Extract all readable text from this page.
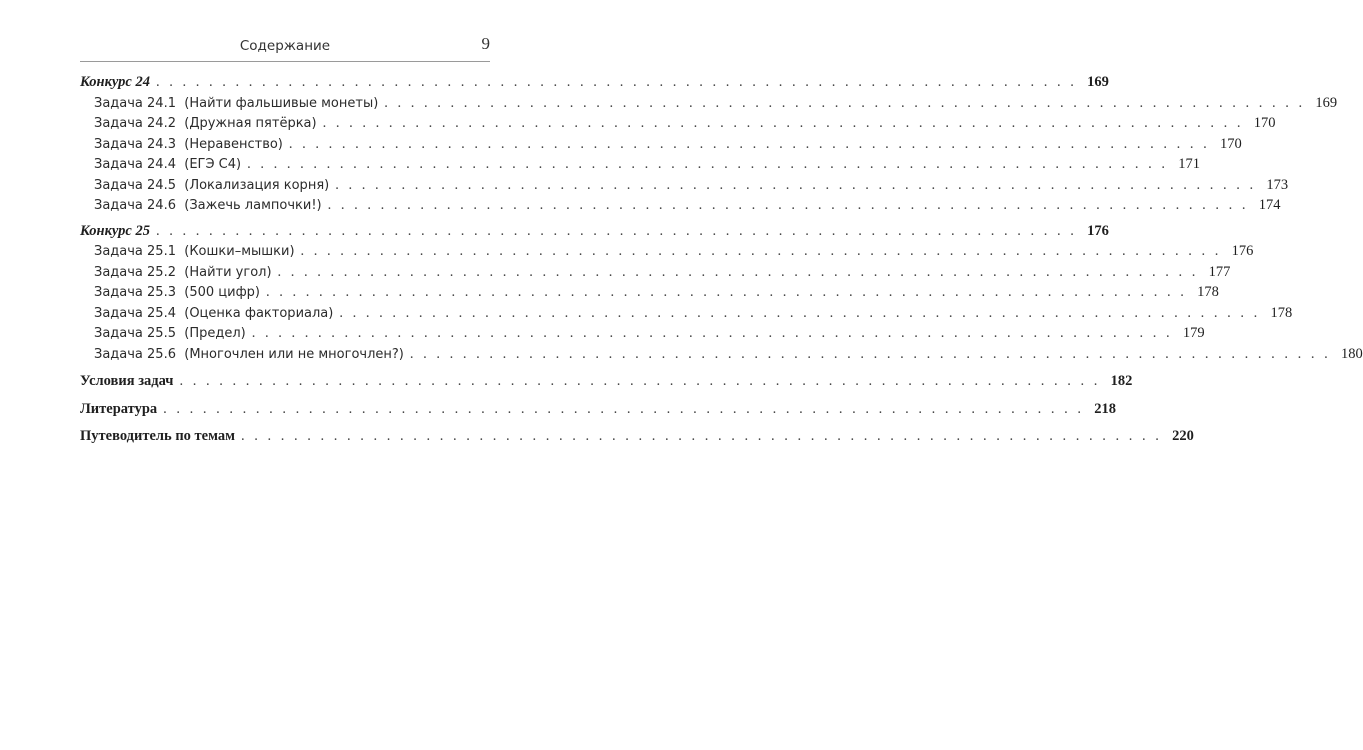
Содержание	9
Конкурс 24 . . . . . . . . . . . . . . . . . . . . . . . . . . . . . . . . . . . . . . . . . . . . . . . . . . . . . . . . . . . . . . . . . . . . . . 169
Задача 24.1 (Найти фальшивые монеты) . . . . . . . . . . . . . . . . . . . . . . . . . . . . . . . . . . . . . . . . . . . . . . . . . . . . . . . . . . . . . . . . . . . . . . 169
Задача 24.2 (Дружная пятёрка) . . . . . . . . . . . . . . . . . . . . . . . . . . . . . . . . . . . . . . . . . . . . . . . . . . . . . . . . . . . . . . . . . . . . . . 170
Задача 24.3 (Неравенство) . . . . . . . . . . . . . . . . . . . . . . . . . . . . . . . . . . . . . . . . . . . . . . . . . . . . . . . . . . . . . . . . . . . . . . 170
Задача 24.4 (ЕГЭ С4) . . . . . . . . . . . . . . . . . . . . . . . . . . . . . . . . . . . . . . . . . . . . . . . . . . . . . . . . . . . . . . . . . . . . . . 171
Задача 24.5 (Локализация корня) . . . . . . . . . . . . . . . . . . . . . . . . . . . . . . . . . . . . . . . . . . . . . . . . . . . . . . . . . . . . . . . . . . . . . . 173
Задача 24.6 (Зажечь лампочки!) . . . . . . . . . . . . . . . . . . . . . . . . . . . . . . . . . . . . . . . . . . . . . . . . . . . . . . . . . . . . . . . . . . . . . . 174
Конкурс 25 . . . . . . . . . . . . . . . . . . . . . . . . . . . . . . . . . . . . . . . . . . . . . . . . . . . . . . . . . . . . . . . . . . . . . . 176
Задача 25.1 (Кошки–мышки) . . . . . . . . . . . . . . . . . . . . . . . . . . . . . . . . . . . . . . . . . . . . . . . . . . . . . . . . . . . . . . . . . . . . . . 176
Задача 25.2 (Найти угол) . . . . . . . . . . . . . . . . . . . . . . . . . . . . . . . . . . . . . . . . . . . . . . . . . . . . . . . . . . . . . . . . . . . . . . 177
Задача 25.3 (500 цифр) . . . . . . . . . . . . . . . . . . . . . . . . . . . . . . . . . . . . . . . . . . . . . . . . . . . . . . . . . . . . . . . . . . . . . . 178
Задача 25.4 (Оценка факториала) . . . . . . . . . . . . . . . . . . . . . . . . . . . . . . . . . . . . . . . . . . . . . . . . . . . . . . . . . . . . . . . . . . . . . . 178
Задача 25.5 (Предел) . . . . . . . . . . . . . . . . . . . . . . . . . . . . . . . . . . . . . . . . . . . . . . . . . . . . . . . . . . . . . . . . . . . . . . 179
Задача 25.6 (Многочлен или не многочлен?) . . . . . . . . . . . . . . . . . . . . . . . . . . . . . . . . . . . . . . . . . . . . . . . . . . . . . . . . . . . . . . . . . . . . . . 180
Условия задач . . . . . . . . . . . . . . . . . . . . . . . . . . . . . . . . . . . . . . . . . . . . . . . . . . . . . . . . . . . . . . . . . . . . . . 182
Литература . . . . . . . . . . . . . . . . . . . . . . . . . . . . . . . . . . . . . . . . . . . . . . . . . . . . . . . . . . . . . . . . . . . . . . 218
Путеводитель по темам . . . . . . . . . . . . . . . . . . . . . . . . . . . . . . . . . . . . . . . . . . . . . . . . . . . . . . . . . . . . . . . . . . . . . . 220
